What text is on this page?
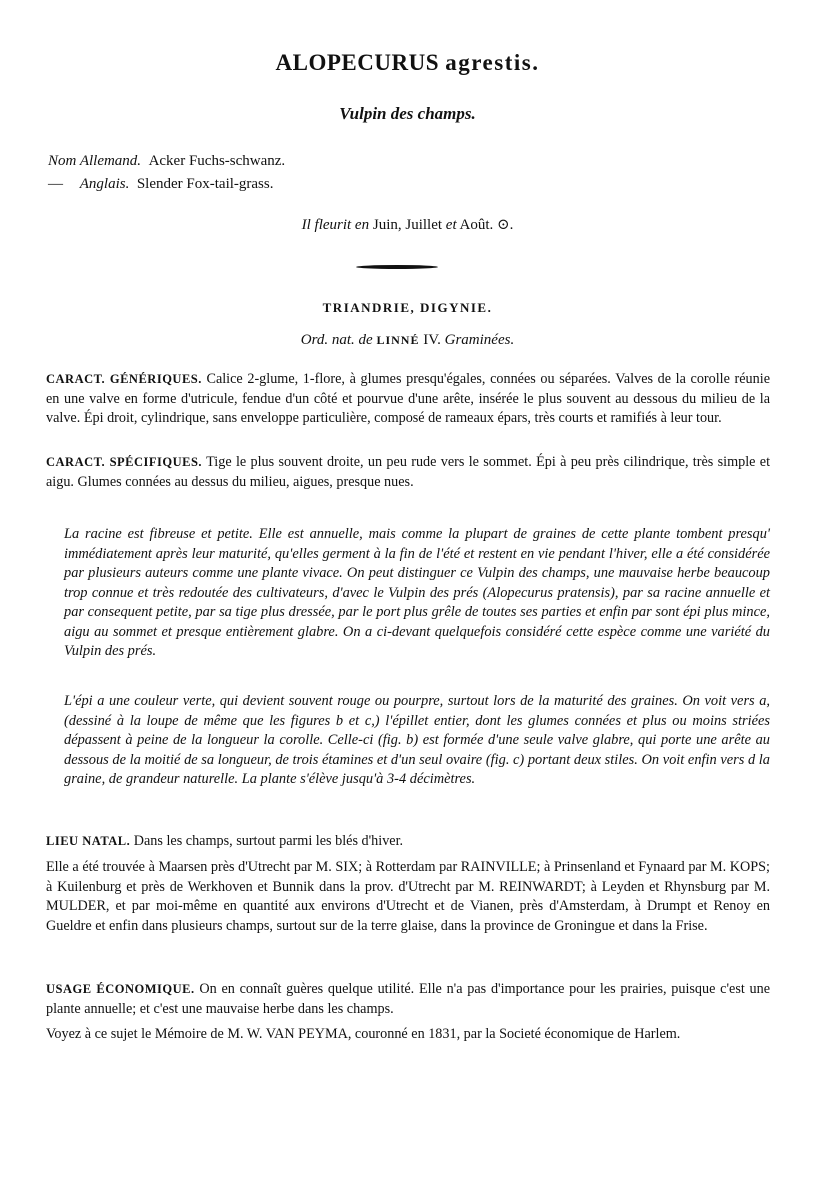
ALOPECURUS agrestis.
Vulpin des champs.
Nom Allemand. Acker Fuchs-schwanz.
— Anglais. Slender Fox-tail-grass.
Il fleurit en Juin, Juillet et Août. ⊙.
TRIANDRIE, DIGYNIE.
Ord. nat. de LINNÉ IV. Graminées.

CARACT. GÉNÉRIQUES. Calice 2-glume, 1-flore, à glumes presqu'égales, connées ou séparées. Valves de la corolle réunie en une valve en forme d'utricule, fendue d'un côté et pourvue d'une arête, insérée le plus souvent au dessous du milieu de la valve. Épi droit, cylindrique, sans enveloppe particulière, composé de rameaux épars, très courts et ramifiés à leur tour.

CARACT. SPÉCIFIQUES. Tige le plus souvent droite, un peu rude vers le sommet. Épi à peu près cilindrique, très simple et aigu. Glumes connées au dessus du milieu, aigues, presque nues.

La racine est fibreuse et petite. Elle est annuelle, mais comme la plupart de graines de cette plante tombent presqu' immédiatement après leur maturité, qu'elles germent à la fin de l'été et restent en vie pendant l'hiver, elle a été considérée par plusieurs auteurs comme une plante vivace. On peut distinguer ce Vulpin des champs, une mauvaise herbe beaucoup trop connue et très redoutée des cultivateurs, d'avec le Vulpin des prés (Alopecurus pratensis), par sa racine annuelle et par consequent petite, par sa tige plus dressée, par le port plus grêle de toutes ses parties et enfin par sont épi plus mince, aigu au sommet et presque entièrement glabre. On a ci-devant quelquefois considéré cette espèce comme une variété du Vulpin des prés.

L'épi a une couleur verte, qui devient souvent rouge ou pourpre, surtout lors de la maturité des graines. On voit vers a, (dessiné à la loupe de même que les figures b et c,) l'épillet entier, dont les glumes connées et plus ou moins striées dépassent à peine de la longueur la corolle. Celle-ci (fig. b) est formée d'une seule valve glabre, qui porte une arête au dessous de la moitié de sa longueur, de trois étamines et d'un seul ovaire (fig. c) portant deux stiles. On voit enfin vers d la graine, de grandeur naturelle. La plante s'élève jusqu'à 3-4 décimètres.

LIEU NATAL. Dans les champs, surtout parmi les blés d'hiver.

Elle a été trouvée à Maarsen près d'Utrecht par M. SIX; à Rotterdam par RAINVILLE; à Prinsenland et Fynaard par M. KOPS; à Kuilenburg et près de Werkhoven et Bunnik dans la prov. d'Utrecht par M. REINWARDT; à Leyden et Rhynsburg par M. MULDER, et par moi-même en quantité aux environs d'Utrecht et de Vianen, près d'Amsterdam, à Drumpt et Renoy en Gueldre et enfin dans plusieurs champs, surtout sur de la terre glaise, dans la province de Groningue et dans la Frise.

USAGE ÉCONOMIQUE. On en connaît guères quelque utilité. Elle n'a pas d'importance pour les prairies, puisque c'est une plante annuelle; et c'est une mauvaise herbe dans les champs.

Voyez à ce sujet le Mémoire de M. W. VAN PEYMA, couronné en 1831, par la Societé économique de Harlem.
